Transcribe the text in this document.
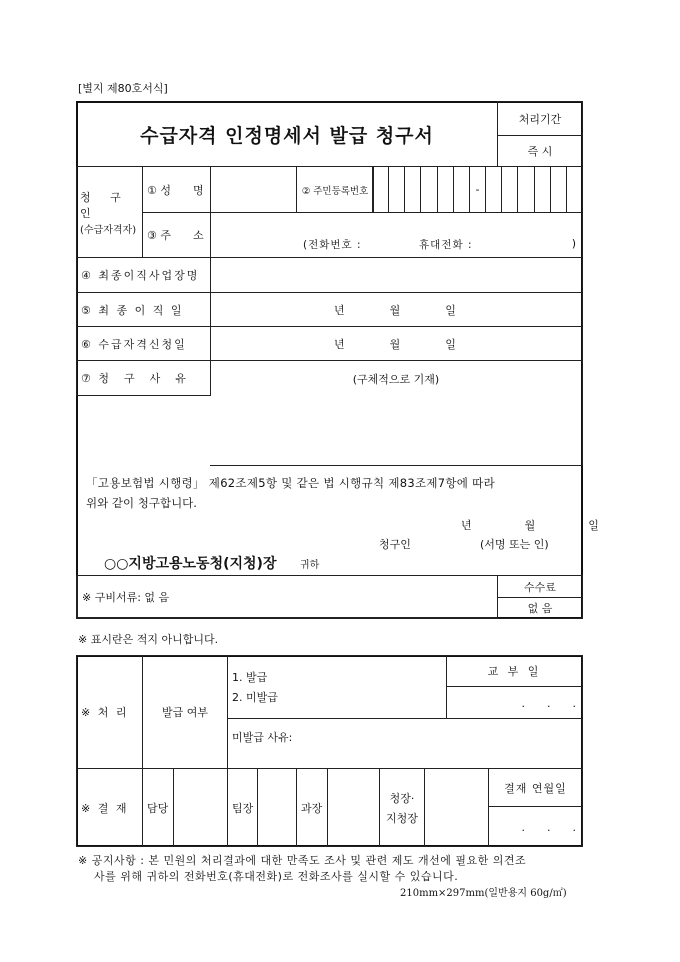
[별지 제80호서식]
수급자격 인정명세서 발급 청구서
처리기간
즉 시
청 구 인
(수급자격자)
① 성　　명	② 주민등록번호	-
③ 주　　소
(전화번호 :　　　　　휴대전화 :	)
④ 최종이직사업장명
⑤ 최 종 이 직 일	년　　　월　　　일
⑥ 수급자격신청일	년　　　월　　　일
⑦ 청　구　사　유	(구체적으로 기재)
「고용보험법 시행령」 제62조제5항 및 같은 법 시행규칙 제83조제7항에 따라
위와 같이 청구합니다.
년　　　월　　　일
청구인	(서명 또는 인)
○○지방고용노동청(지청)장 귀하
※ 구비서류: 없 음
수수료
없 음
※ 표시란은 적지 아니합니다.
※ 처 리	발급 여부
1. 발급
2. 미발급
교 부 일
.　　.　　.
미발급 사유:
※ 결 재	담당	팀장	과장
청장·
지청장
결재 연월일
.　　.　　.
※ 공지사항 : 본 민원의 처리결과에 대한 만족도 조사 및 관련 제도 개선에 필요한 의견조
사를 위해 귀하의 전화번호(휴대전화)로 전화조사를 실시할 수 있습니다.
210mm×297mm(일반용지 60g/㎡)
